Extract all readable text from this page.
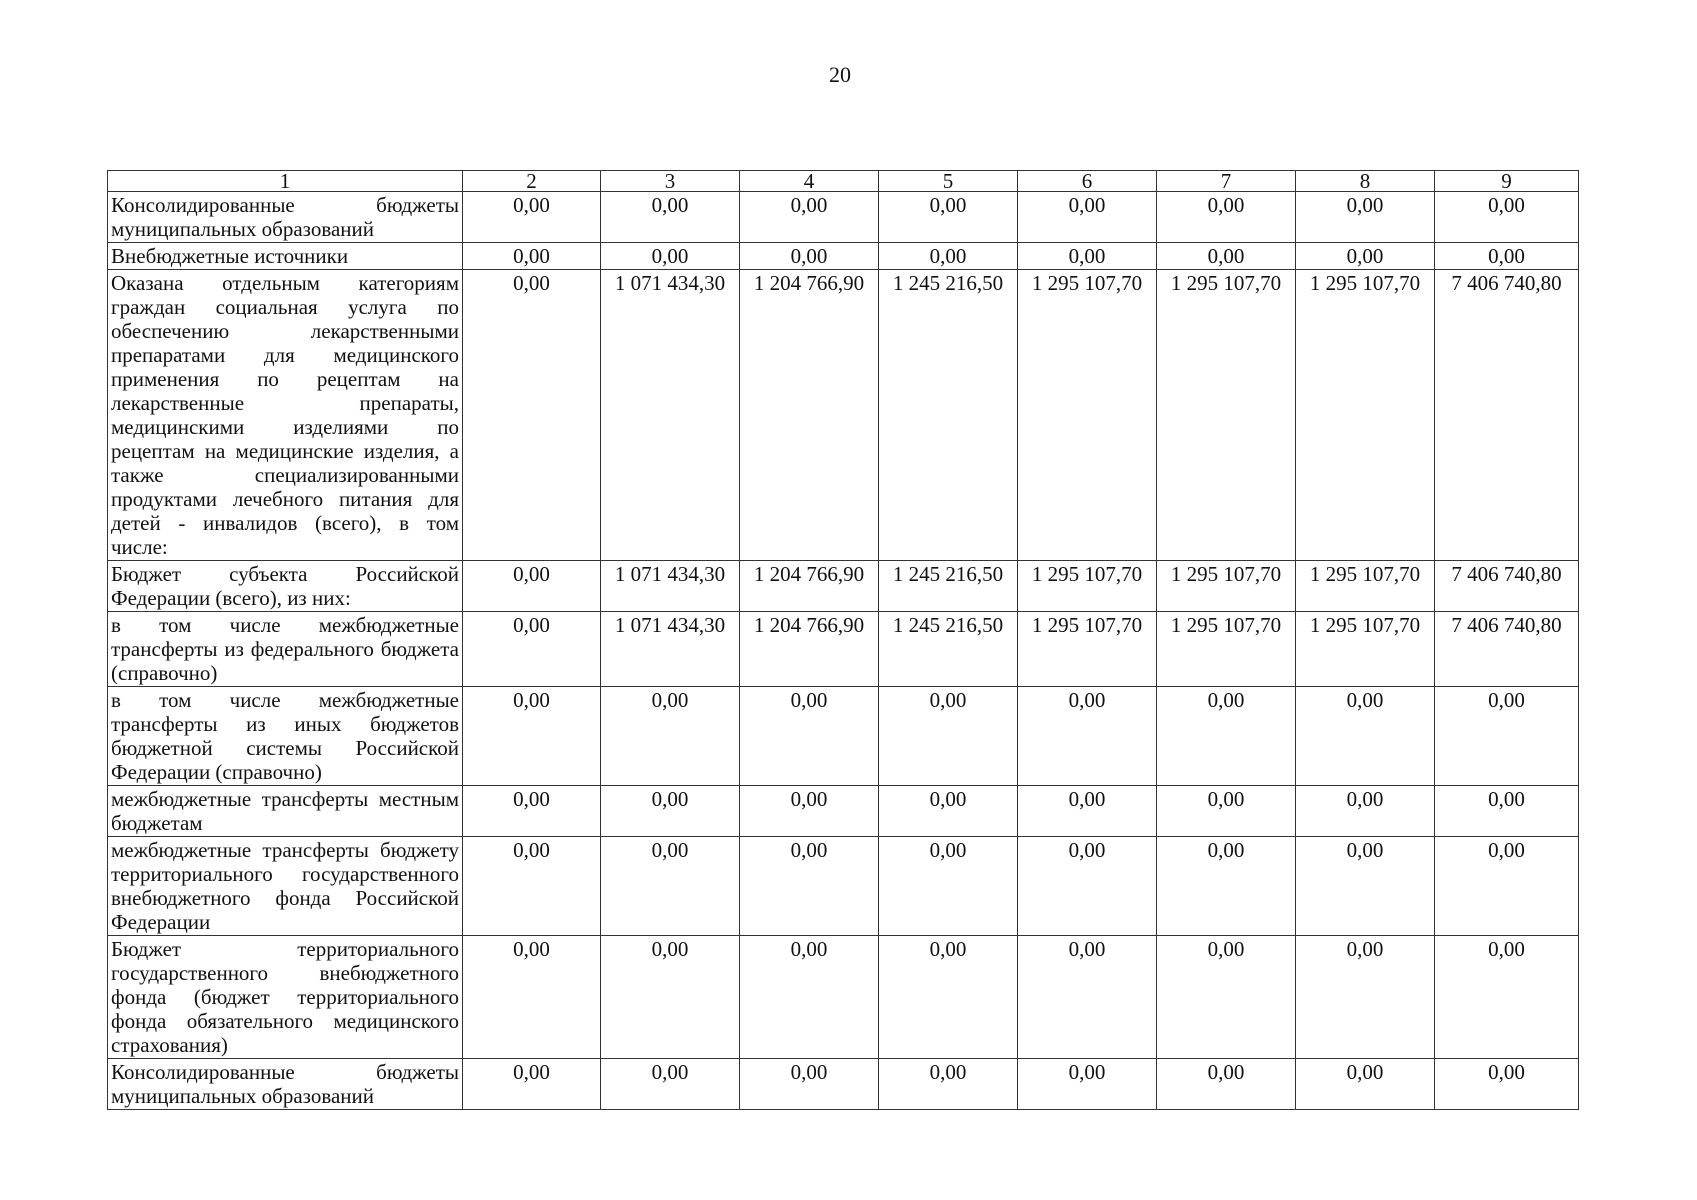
20
1	2	3	4	5	6	7	8	9
Консолидированные бюджеты муниципальных образований	0,00	0,00	0,00	0,00	0,00	0,00	0,00	0,00
Внебюджетные источники	0,00	0,00	0,00	0,00	0,00	0,00	0,00	0,00
Оказана отдельным категориям граждан социальная услуга по обеспечению лекарственными препаратами для медицинского применения по рецептам на лекарственные препараты, медицинскими изделиями по рецептам на медицинские изделия, а также специализированными продуктами лечебного питания для детей - инвалидов (всего), в том числе:	0,00	1 071 434,30	1 204 766,90	1 245 216,50	1 295 107,70	1 295 107,70	1 295 107,70	7 406 740,80
Бюджет субъекта Российской Федерации (всего), из них:	0,00	1 071 434,30	1 204 766,90	1 245 216,50	1 295 107,70	1 295 107,70	1 295 107,70	7 406 740,80
в том числе межбюджетные трансферты из федерального бюджета (справочно)	0,00	1 071 434,30	1 204 766,90	1 245 216,50	1 295 107,70	1 295 107,70	1 295 107,70	7 406 740,80
в том числе межбюджетные трансферты из иных бюджетов бюджетной системы Российской Федерации (справочно)	0,00	0,00	0,00	0,00	0,00	0,00	0,00	0,00
межбюджетные трансферты местным бюджетам	0,00	0,00	0,00	0,00	0,00	0,00	0,00	0,00
межбюджетные трансферты бюджету территориального государственного внебюджетного фонда Российской Федерации	0,00	0,00	0,00	0,00	0,00	0,00	0,00	0,00
Бюджет территориального государственного внебюджетного фонда (бюджет территориального фонда обязательного медицинского страхования)	0,00	0,00	0,00	0,00	0,00	0,00	0,00	0,00
Консолидированные бюджеты муниципальных образований	0,00	0,00	0,00	0,00	0,00	0,00	0,00	0,00
